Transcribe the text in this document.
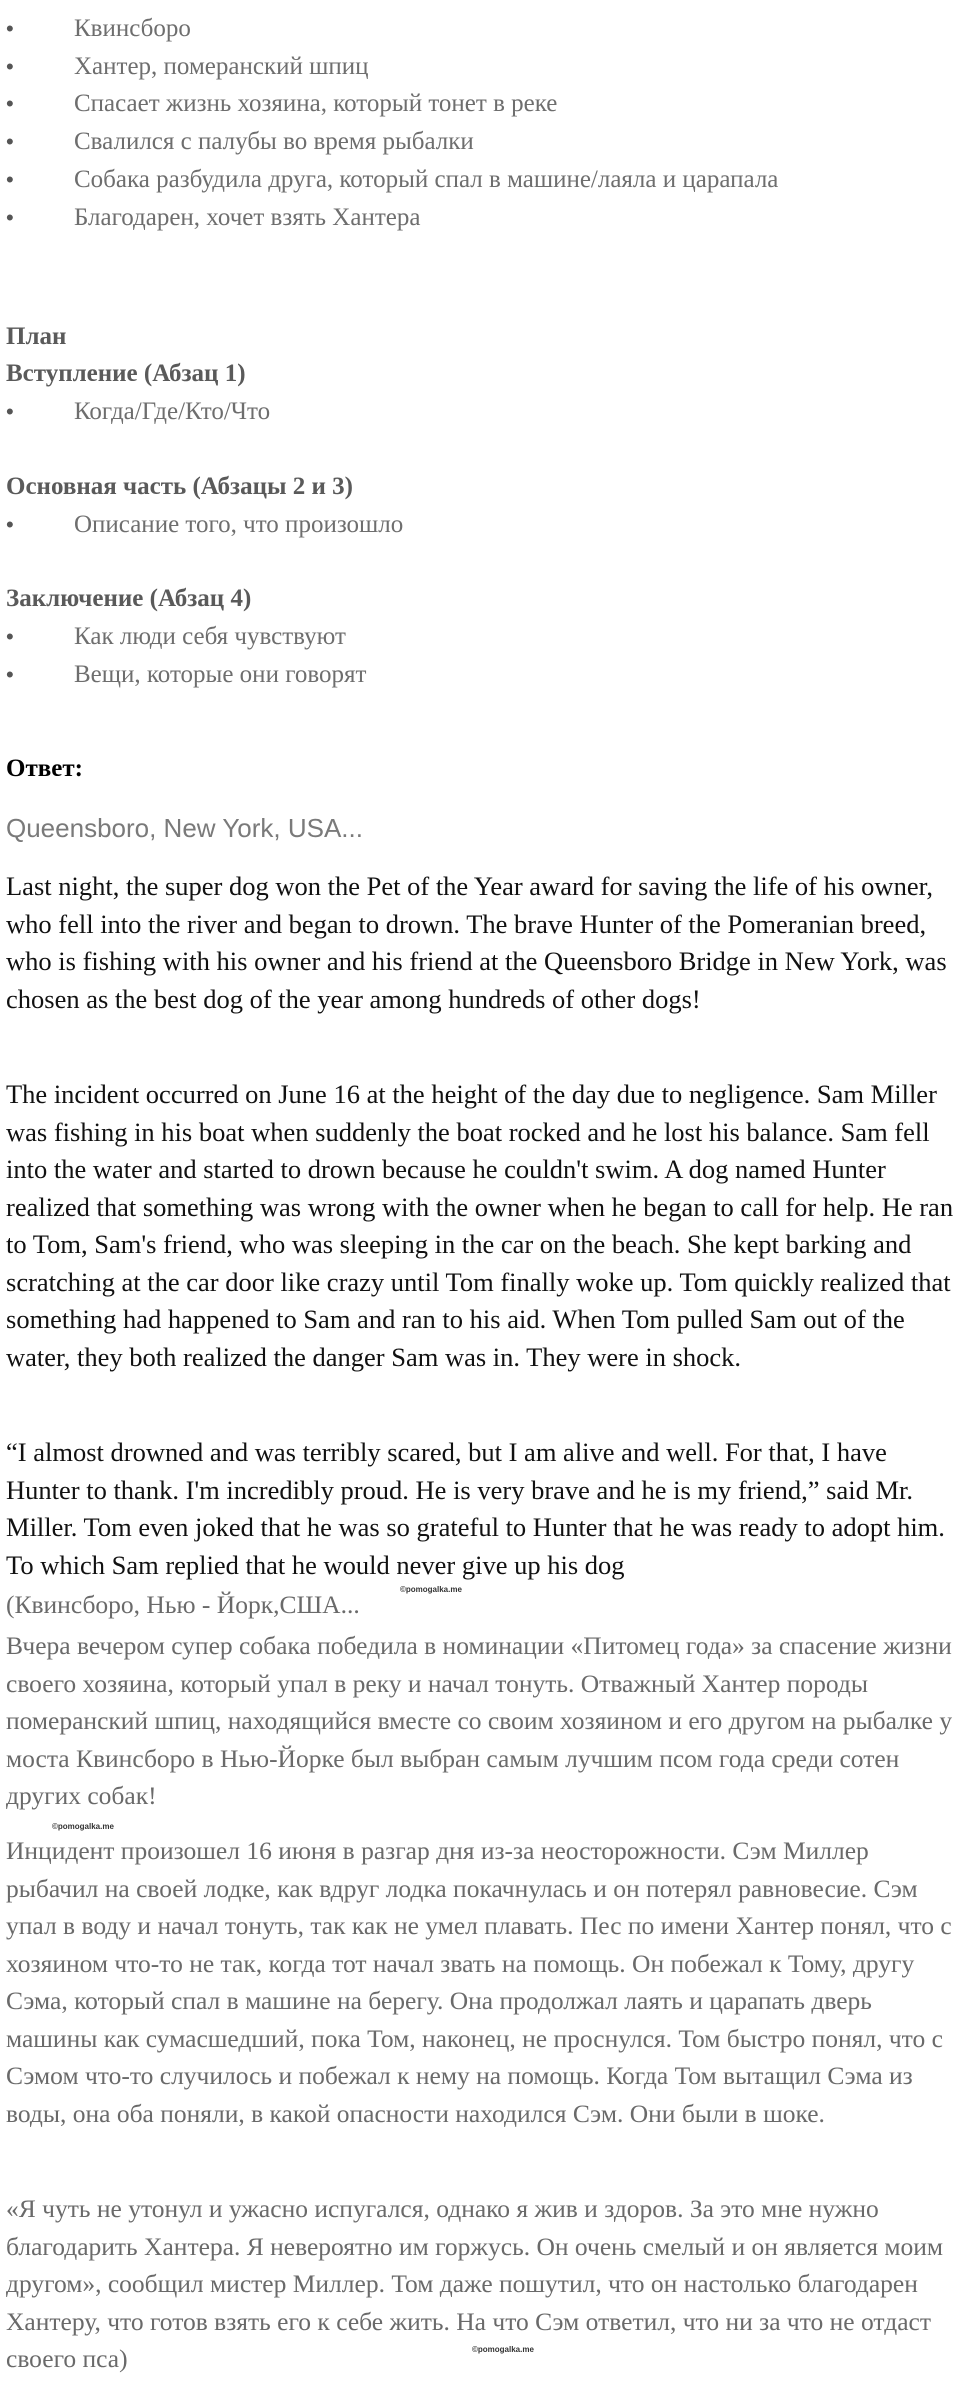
• Квинсборо
• Хантер, померанский шпиц
• Спасает жизнь хозяина, который тонет в реке
• Свалился с палубы во время рыбалки
• Собака разбудила друга, который спал в машине/лаяла и царапала
• Благодарен, хочет взять Хантера
План
Вступление (Абзац 1)
• Когда/Где/Кто/Что
Основная часть (Абзацы 2 и 3)
• Описание того, что произошло
Заключение (Абзац 4)
• Как люди себя чувствуют
• Вещи, которые они говорят
Ответ:
Queensboro, New York, USA...

Last night, the super dog won the Pet of the Year award for saving the life of his owner, who fell into the river and began to drown. The brave Hunter of the Pomeranian breed, who is fishing with his owner and his friend at the Queensboro Bridge in New York, was chosen as the best dog of the year among hundreds of other dogs!

The incident occurred on June 16 at the height of the day due to negligence. Sam Miller was fishing in his boat when suddenly the boat rocked and he lost his balance. Sam fell into the water and started to drown because he couldn't swim. A dog named Hunter realized that something was wrong with the owner when he began to call for help. He ran to Tom, Sam's friend, who was sleeping in the car on the beach. She kept barking and scratching at the car door like crazy until Tom finally woke up. Tom quickly realized that something had happened to Sam and ran to his aid. When Tom pulled Sam out of the water, they both realized the danger Sam was in. They were in shock.

“I almost drowned and was terribly scared, but I am alive and well. For that, I have Hunter to thank. I'm incredibly proud. He is very brave and he is my friend,” said Mr. Miller. Tom even joked that he was so grateful to Hunter that he was ready to adopt him. To which Sam replied that he would never give up his dog

(Квинсборо, Нью - Йорк,США...
©pomogalka.me

Вчера вечером супер собака победила в номинации «Питомец года» за спасение жизни своего хозяина, который упал в реку и начал тонуть. Отважный Хантер породы померанский шпиц, находящийся вместе со своим хозяином и его другом на рыбалке у моста Квинсборо в Нью-Йорке был выбран самым лучшим псом года среди сотен других собак!

©pomogalka.me

Инцидент произошел 16 июня в разгар дня из-за неосторожности. Сэм Миллер рыбачил на своей лодке, как вдруг лодка покачнулась и он потерял равновесие. Сэм упал в воду и начал тонуть, так как не умел плавать. Пес по имени Хантер понял, что с хозяином что-то не так, когда тот начал звать на помощь. Он побежал к Тому, другу Сэма, который спал в машине на берегу. Она продолжал лаять и царапать дверь машины как сумасшедший, пока Том, наконец, не проснулся. Том быстро понял, что с Сэмом что-то случилось и побежал к нему на помощь. Когда Том вытащил Сэма из воды, она оба поняли, в какой опасности находился Сэм. Они были в шоке.

«Я чуть не утонул и ужасно испугался, однако я жив и здоров. За это мне нужно благодарить Хантера. Я невероятно им горжусь. Он очень смелый и он является моим другом», сообщил мистер Миллер. Том даже пошутил, что он настолько благодарен Хантеру, что готов взять его к себе жить. На что Сэм ответил, что ни за что не отдаст своего пса)	©pomogalka.me
